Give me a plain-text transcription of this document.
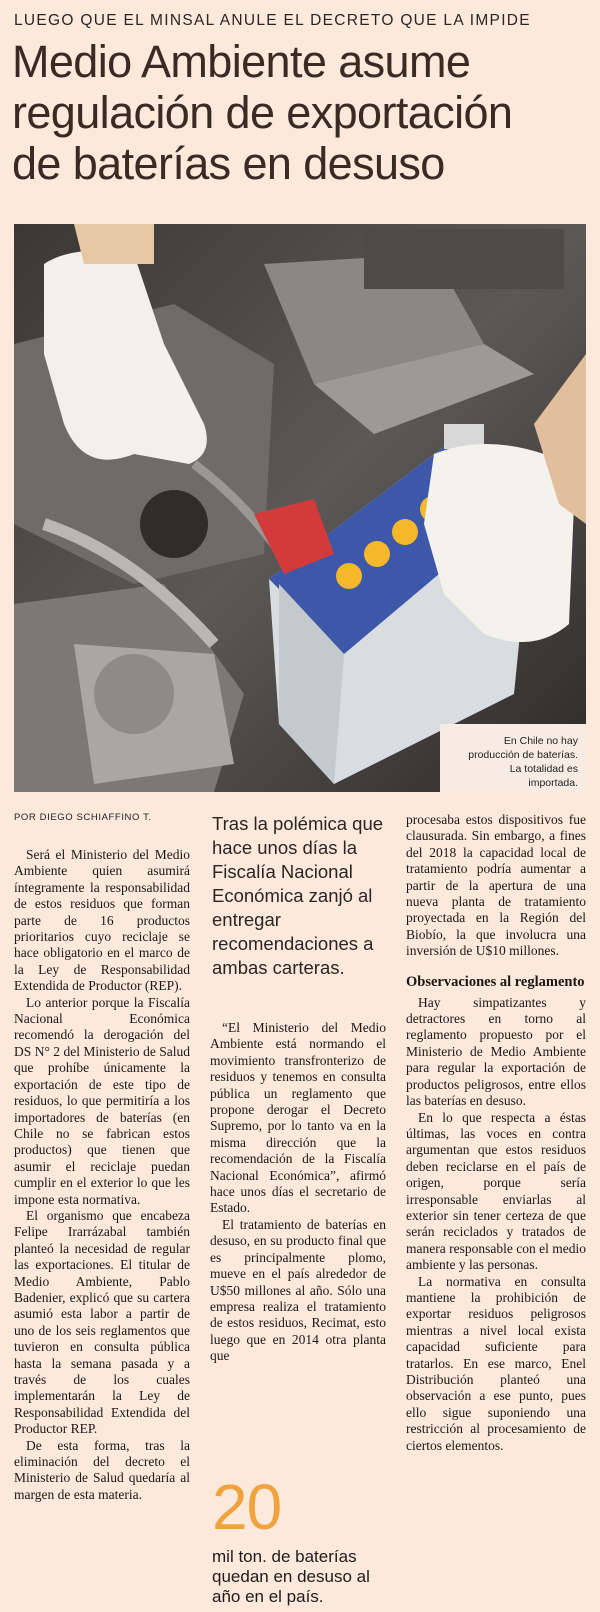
LUEGO QUE EL MINSAL ANULE EL DECRETO QUE LA IMPIDE
Medio Ambiente asume
regulación de exportación
de baterías en desuso
En Chile no hay
producción de baterías.
La totalidad es
importada.
POR DIEGO SCHIAFFINO T.

Será el Ministerio del Medio Ambiente quien asumirá íntegramente la responsabilidad de estos residuos que forman parte de 16 productos prioritarios cuyo reciclaje se hace obligatorio en el marco de la Ley de Responsabilidad Extendida de Productor (REP).

Lo anterior porque la Fiscalía Nacional Económica recomendó la derogación del DS N° 2 del Ministerio de Salud que prohíbe únicamente la exportación de este tipo de residuos, lo que permitiría a los importadores de baterías (en Chile no se fabrican estos productos) que tienen que asumir el reciclaje puedan cumplir en el exterior lo que les impone esta normativa.

El organismo que encabeza Felipe Irarrázabal también planteó la necesidad de regular las exportaciones. El titular de Medio Ambiente, Pablo Badenier, explicó que su cartera asumió esta labor a partir de uno de los seis reglamentos que tuvieron en consulta pública hasta la semana pasada y a través de los cuales implementarán la Ley de Responsabilidad Extendida del Productor REP.

De esta forma, tras la eliminación del decreto el Ministerio de Salud quedaría al margen de esta materia.

Tras la polémica que hace unos días la Fiscalía Nacional Económica zanjó al entregar recomendaciones a ambas carteras.

“El Ministerio del Medio Ambiente está normando el movimiento transfronterizo de residuos y tenemos en consulta pública un reglamento que propone derogar el Decreto Supremo, por lo tanto va en la misma dirección que la recomendación de la Fiscalía Nacional Económica”, afirmó hace unos días el secretario de Estado.

El tratamiento de baterías en desuso, en su producto final que es principalmente plomo, mueve en el país alrededor de U$50 millones al año. Sólo una empresa realiza el tratamiento de estos residuos, Recimat, esto luego que en 2014 otra planta que

20
mil ton. de baterías quedan en desuso al año en el país.

procesaba estos dispositivos fue clausurada. Sin embargo, a fines del 2018 la capacidad local de tratamiento podría aumentar a partir de la apertura de una nueva planta de tratamiento proyectada en la Región del Biobío, la que involucra una inversión de U$10 millones.

Observaciones al reglamento

Hay simpatizantes y detractores en torno al reglamento propuesto por el Ministerio de Medio Ambiente para regular la exportación de productos peligrosos, entre ellos las baterías en desuso.

En lo que respecta a éstas últimas, las voces en contra argumentan que estos residuos deben reciclarse en el país de origen, porque sería irresponsable enviarlas al exterior sin tener certeza de que serán reciclados y tratados de manera responsable con el medio ambiente y las personas.

La normativa en consulta mantiene la prohibición de exportar residuos peligrosos mientras a nivel local exista capacidad suficiente para tratarlos. En ese marco, Enel Distribución planteó una observación a ese punto, pues ello sigue suponiendo una restricción al procesamiento de ciertos elementos.
